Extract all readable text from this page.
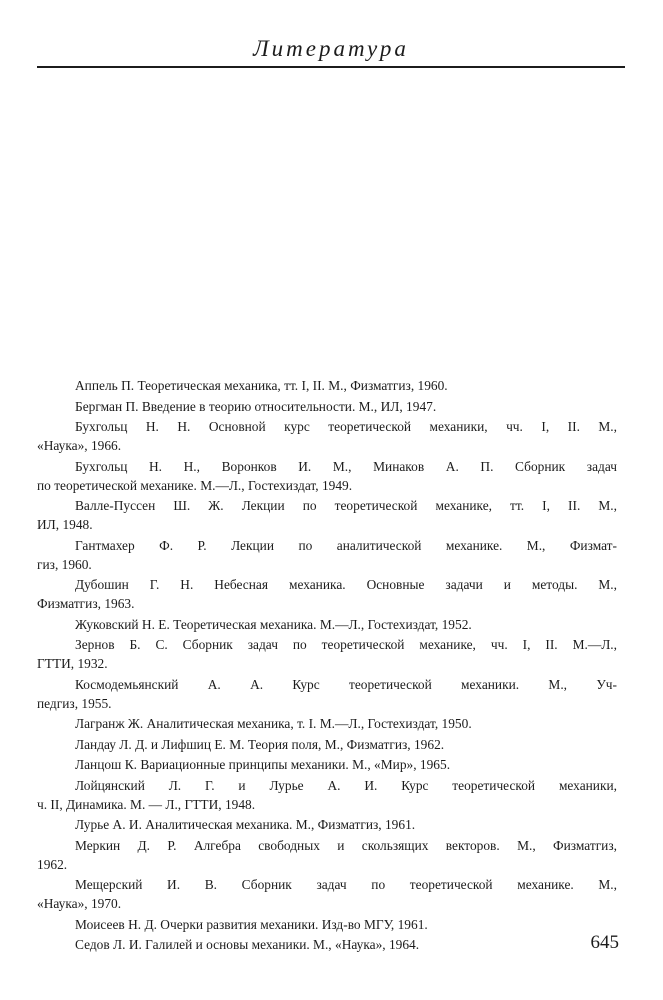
Литература
Аппель П. Теоретическая механика, тт. I, II. М., Физматгиз, 1960.
Бергман П. Введение в теорию относительности. М., ИЛ, 1947.
Бухгольц Н. Н. Основной курс теоретической механики, чч. I, II. М.,
«Наука», 1966.
Бухгольц Н. Н., Воронков И. М., Минаков А. П. Сборник задач
по теоретической механике. М.—Л., Гостехиздат, 1949.
Валле-Пуссен Ш. Ж. Лекции по теоретической механике, тт. I, II. М.,
ИЛ, 1948.
Гантмахер Ф. Р. Лекции по аналитической механике. М., Физмат-
гиз, 1960.
Дубошин Г. Н. Небесная механика. Основные задачи и методы. М.,
Физматгиз, 1963.
Жуковский Н. Е. Теоретическая механика. М.—Л., Гостехиздат, 1952.
Зернов Б. С. Сборник задач по теоретической механике, чч. I, II. М.—Л.,
ГТТИ, 1932.
Космодемьянский А. А. Курс теоретической механики. М., Уч-
педгиз, 1955.
Лагранж Ж. Аналитическая механика, т. I. М.—Л., Гостехиздат, 1950.
Ландау Л. Д. и Лифшиц Е. М. Теория поля, М., Физматгиз, 1962.
Ланцош К. Вариационные принципы механики. М., «Мир», 1965.
Лойцянский Л. Г. и Лурье А. И. Курс теоретической механики,
ч. II, Динамика. М. — Л., ГТТИ, 1948.
Лурье А. И. Аналитическая механика. М., Физматгиз, 1961.
Меркин Д. Р. Алгебра свободных и скользящих векторов. М., Физматгиз,
1962.
Мещерский И. В. Сборник задач по теоретической механике. М.,
«Наука», 1970.
Моисеев Н. Д. Очерки развития механики. Изд-во МГУ, 1961.
Седов Л. И. Галилей и основы механики. М., «Наука», 1964.	645
